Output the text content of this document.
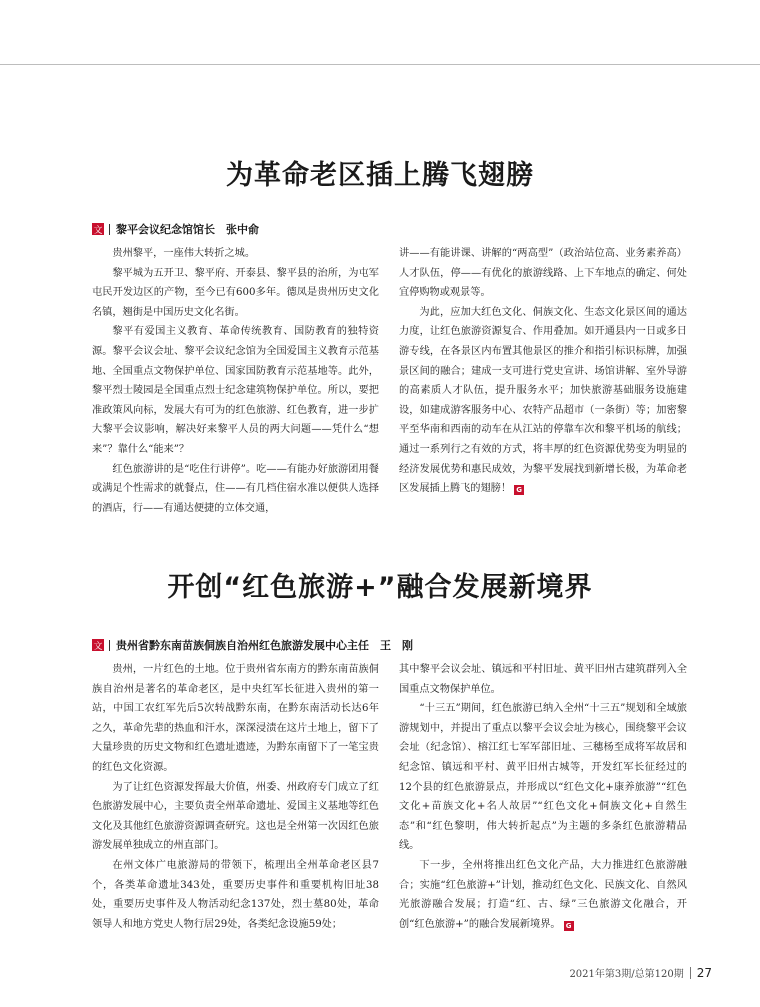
为革命老区插上腾飞翅膀
文 黎平会议纪念馆馆长　张中俞

贵州黎平，一座伟大转折之城。

黎平城为五开卫、黎平府、开泰县、黎平县的治所，为屯军屯民开发边区的产物，至今已有600多年。德凤是贵州历史文化名镇，翘街是中国历史文化名街。

黎平有爱国主义教育、革命传统教育、国防教育的独特资源。黎平会议会址、黎平会议纪念馆为全国爱国主义教育示范基地、全国重点文物保护单位、国家国防教育示范基地等。此外，黎平烈士陵园是全国重点烈士纪念建筑物保护单位。所以，要把准政策风向标，发展大有可为的红色旅游、红色教育，进一步扩大黎平会议影响，解决好来黎平人员的两大问题——凭什么“想来”？靠什么“能来”？

红色旅游讲的是“吃住行讲停”。吃——有能办好旅游团用餐或满足个性需求的就餐点，住——有几档住宿水准以便供人选择的酒店，行——有通达便捷的立体交通，

讲——有能讲课、讲解的“两高型”（政治站位高、业务素养高）人才队伍，停——有优化的旅游线路、上下车地点的确定、何处宜停购物或观景等。

为此，应加大红色文化、侗族文化、生态文化景区间的通达力度，让红色旅游资源复合、作用叠加。如开通县内一日或多日游专线，在各景区内布置其他景区的推介和指引标识标牌，加强景区间的融合；建成一支可进行党史宣讲、场馆讲解、室外导游的高素质人才队伍，提升服务水平；加快旅游基础服务设施建设，如建成游客服务中心、农特产品超市（一条街）等；加密黎平至华南和西南的动车在从江站的停靠车次和黎平机场的航线；通过一系列行之有效的方式，将丰厚的红色资源优势变为明显的经济发展优势和惠民成效，为黎平发展找到新增长极，为革命老区发展插上腾飞的翅膀！ G

开创“红色旅游+”融合发展新境界
文 贵州省黔东南苗族侗族自治州红色旅游发展中心主任　王　刚

贵州，一片红色的土地。位于贵州省东南方的黔东南苗族侗族自治州是著名的革命老区，是中央红军长征进入贵州的第一站，中国工农红军先后5次转战黔东南，在黔东南活动长达6年之久，革命先辈的热血和汗水，深深浸渍在这片土地上，留下了大量珍贵的历史文物和红色遗址遗迹，为黔东南留下了一笔宝贵的红色文化资源。

为了让红色资源发挥最大价值，州委、州政府专门成立了红色旅游发展中心，主要负责全州革命遗址、爱国主义基地等红色文化及其他红色旅游资源调查研究。这也是全州第一次因红色旅游发展单独成立的州直部门。

在州文体广电旅游局的带领下，梳理出全州革命老区县7个，各类革命遗址343处，重要历史事件和重要机构旧址38处，重要历史事件及人物活动纪念137处，烈士墓80处，革命领导人和地方党史人物行居29处，各类纪念设施59处；

其中黎平会议会址、镇远和平村旧址、黄平旧州古建筑群列入全国重点文物保护单位。

“十三五”期间，红色旅游已纳入全州“十三五”规划和全域旅游规划中，并提出了重点以黎平会议会址为核心，围绕黎平会议会址（纪念馆）、榕江红七军军部旧址、三穗杨至成将军故居和纪念馆、镇远和平村、黄平旧州古城等，开发红军长征经过的12个县的红色旅游景点，并形成以“红色文化+康养旅游”“红色文化+苗族文化+名人故居”“红色文化+侗族文化+自然生态”和“红色黎明，伟大转折起点”为主题的多条红色旅游精品线。

下一步，全州将推出红色文化产品，大力推进红色旅游融合；实施“红色旅游+”计划，推动红色文化、民族文化、自然风光旅游融合发展；打造“红、古、绿”三色旅游文化融合，开创“红色旅游+”的融合发展新境界。 G

2021年第3期/总第120期 27
